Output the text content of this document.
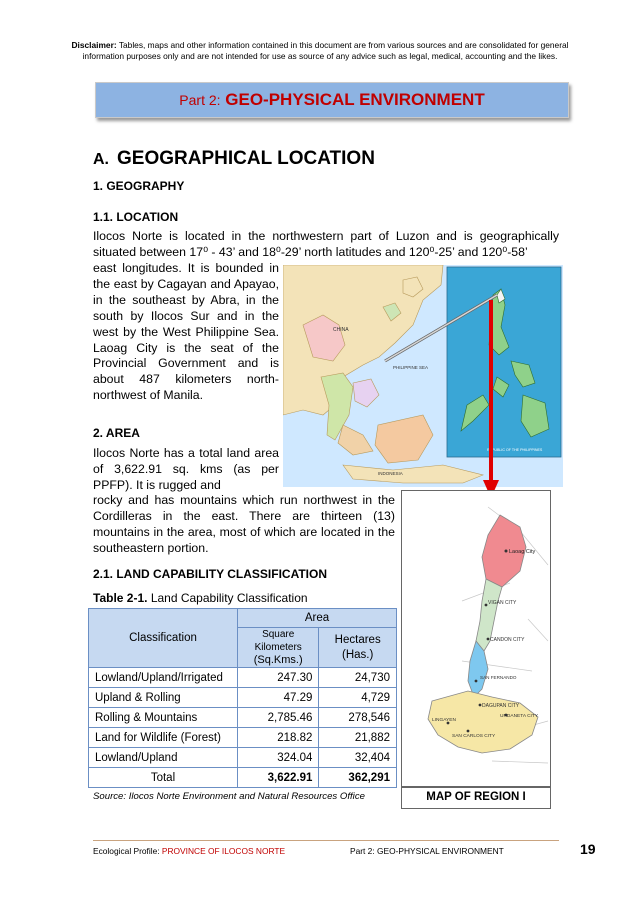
Disclaimer: Tables, maps and other information contained in this document are from various sources and are consolidated for general information purposes only and are not intended for use as source of any advice such as legal, medical, accounting and the likes.
Part 2: GEO-PHYSICAL ENVIRONMENT
A. GEOGRAPHICAL LOCATION
1. GEOGRAPHY
1.1. LOCATION
Ilocos Norte is located in the northwestern part of Luzon and is geographically situated between 17⁰ - 43’ and 18⁰-29’ north latitudes and 120⁰-25’ and 120⁰-58’
east longitudes. It is bounded in the east by Cagayan and Apayao, in the southeast by Abra, in the south by Ilocos Sur and in the west by the West Philippine Sea. Laoag City is the seat of the Provincial Government and is about 487 kilometers north-northwest of Manila.
CHINA
PHILIPPINE SEA
INDONESIA
REPUBLIC OF THE PHILIPPINES
2. AREA
Ilocos Norte has a total land area of 3,622.91 sq. kms (as per PPFP). It is rugged and
rocky and has mountains which run northwest in the Cordilleras in the east. There are thirteen (13) mountains in the area, most of which are located in the southeastern portion.
2.1. LAND CAPABILITY CLASSIFICATION
Table 2-1. Land Capability Classification
Classification	Area	

	Square
Kilometers
(Sq.Kms.)	Hectares
(Has.)

Lowland/Upland/Irrigated	247.30	24,730
Upland & Rolling	47.29	4,729
Rolling & Mountains	2,785.46	278,546
Land for Wildlife (Forest)	218.82	21,882
Lowland/Upland	324.04	32,404
Total	3,622.91	362,291
Source: Ilocos Norte Environment and Natural Resources Office
Laoag City
VIGAN CITY
CANDON CITY
SAN FERNANDO
DAGUPAN CITY
LINGAYEN
URDANETA CITY
SAN CARLOS CITY
MAP OF REGION I
Ecological Profile: PROVINCE OF ILOCOS NORTE	Part 2: GEO-PHYSICAL ENVIRONMENT	19
